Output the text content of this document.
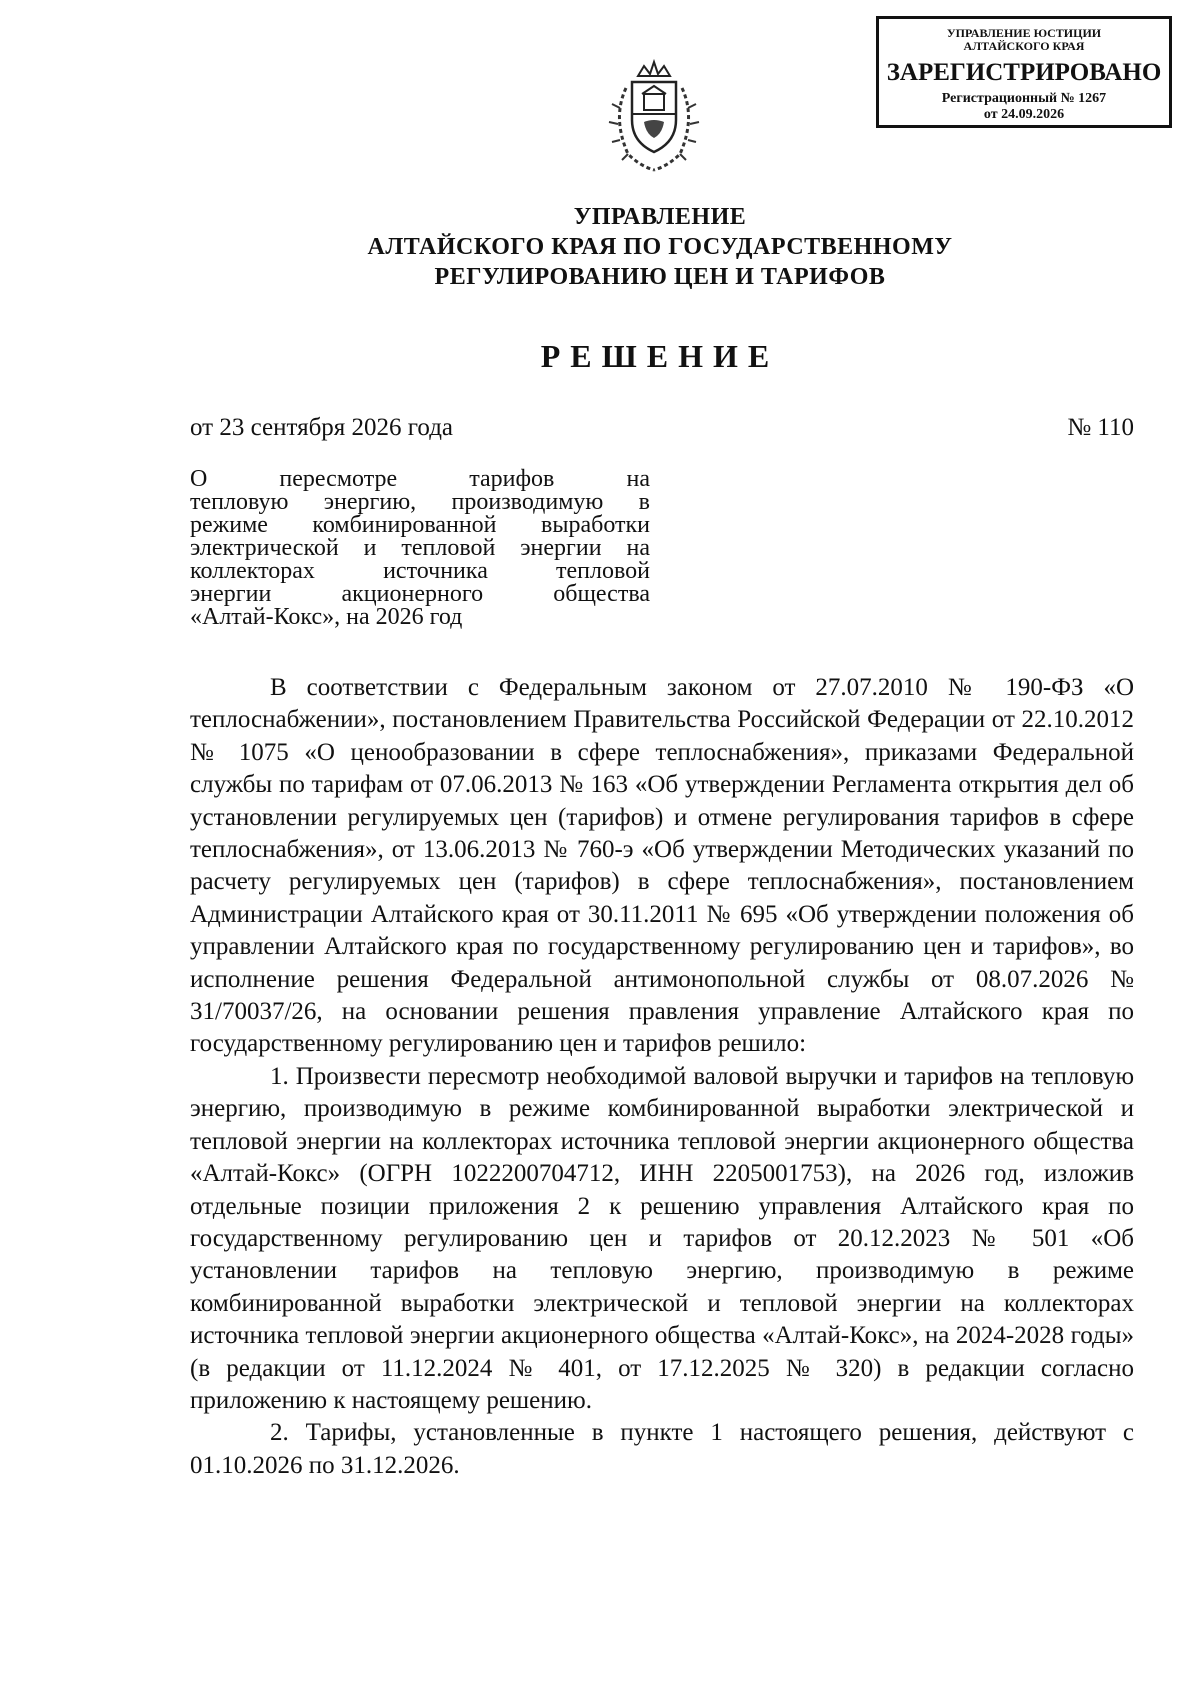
УПРАВЛЕНИЕ ЮСТИЦИИ
АЛТАЙСКОГО КРАЯ
ЗАРЕГИСТРИРОВАНО
Регистрационный № 1267
от 24.09.2026
УПРАВЛЕНИЕ
АЛТАЙСКОГО КРАЯ ПО ГОСУДАРСТВЕННОМУ
РЕГУЛИРОВАНИЮ ЦЕН И ТАРИФОВ
РЕШЕНИЕ
от 23 сентября 2026 года	№ 110
О пересмотре тарифов на
тепловую энергию, производимую в
режиме комбинированной выработки
электрической и тепловой энергии на
коллекторах источника тепловой
энергии акционерного общества
«Алтай-Кокс», на 2026 год

В соответствии с Федеральным законом от 27.07.2010 № 190-ФЗ «О теплоснабжении», постановлением Правительства Российской Федерации от 22.10.2012 № 1075 «О ценообразовании в сфере теплоснабжения», приказами Федеральной службы по тарифам от 07.06.2013 № 163 «Об утверждении Регламента открытия дел об установлении регулируемых цен (тарифов) и отмене регулирования тарифов в сфере теплоснабжения», от 13.06.2013 № 760-э «Об утверждении Методических указаний по расчету регулируемых цен (тарифов) в сфере теплоснабжения», постановлением Администрации Алтайского края от 30.11.2011 № 695 «Об утверждении положения об управлении Алтайского края по государственному регулированию цен и тарифов», во исполнение решения Федеральной антимонопольной службы от 08.07.2026 № 31/70037/26, на основании решения правления управление Алтайского края по государственному регулированию цен и тарифов решило:

1. Произвести пересмотр необходимой валовой выручки и тарифов на тепловую энергию, производимую в режиме комбинированной выработки электрической и тепловой энергии на коллекторах источника тепловой энергии акционерного общества «Алтай-Кокс» (ОГРН 1022200704712, ИНН 2205001753), на 2026 год, изложив отдельные позиции приложения 2 к решению управления Алтайского края по государственному регулированию цен и тарифов от 20.12.2023 № 501 «Об установлении тарифов на тепловую энергию, производимую в режиме комбинированной выработки электрической и тепловой энергии на коллекторах источника тепловой энергии акционерного общества «Алтай-Кокс», на 2024-2028 годы» (в редакции от 11.12.2024 № 401, от 17.12.2025 № 320) в редакции согласно приложению к настоящему решению.

2. Тарифы, установленные в пункте 1 настоящего решения, действуют с 01.10.2026 по 31.12.2026.
